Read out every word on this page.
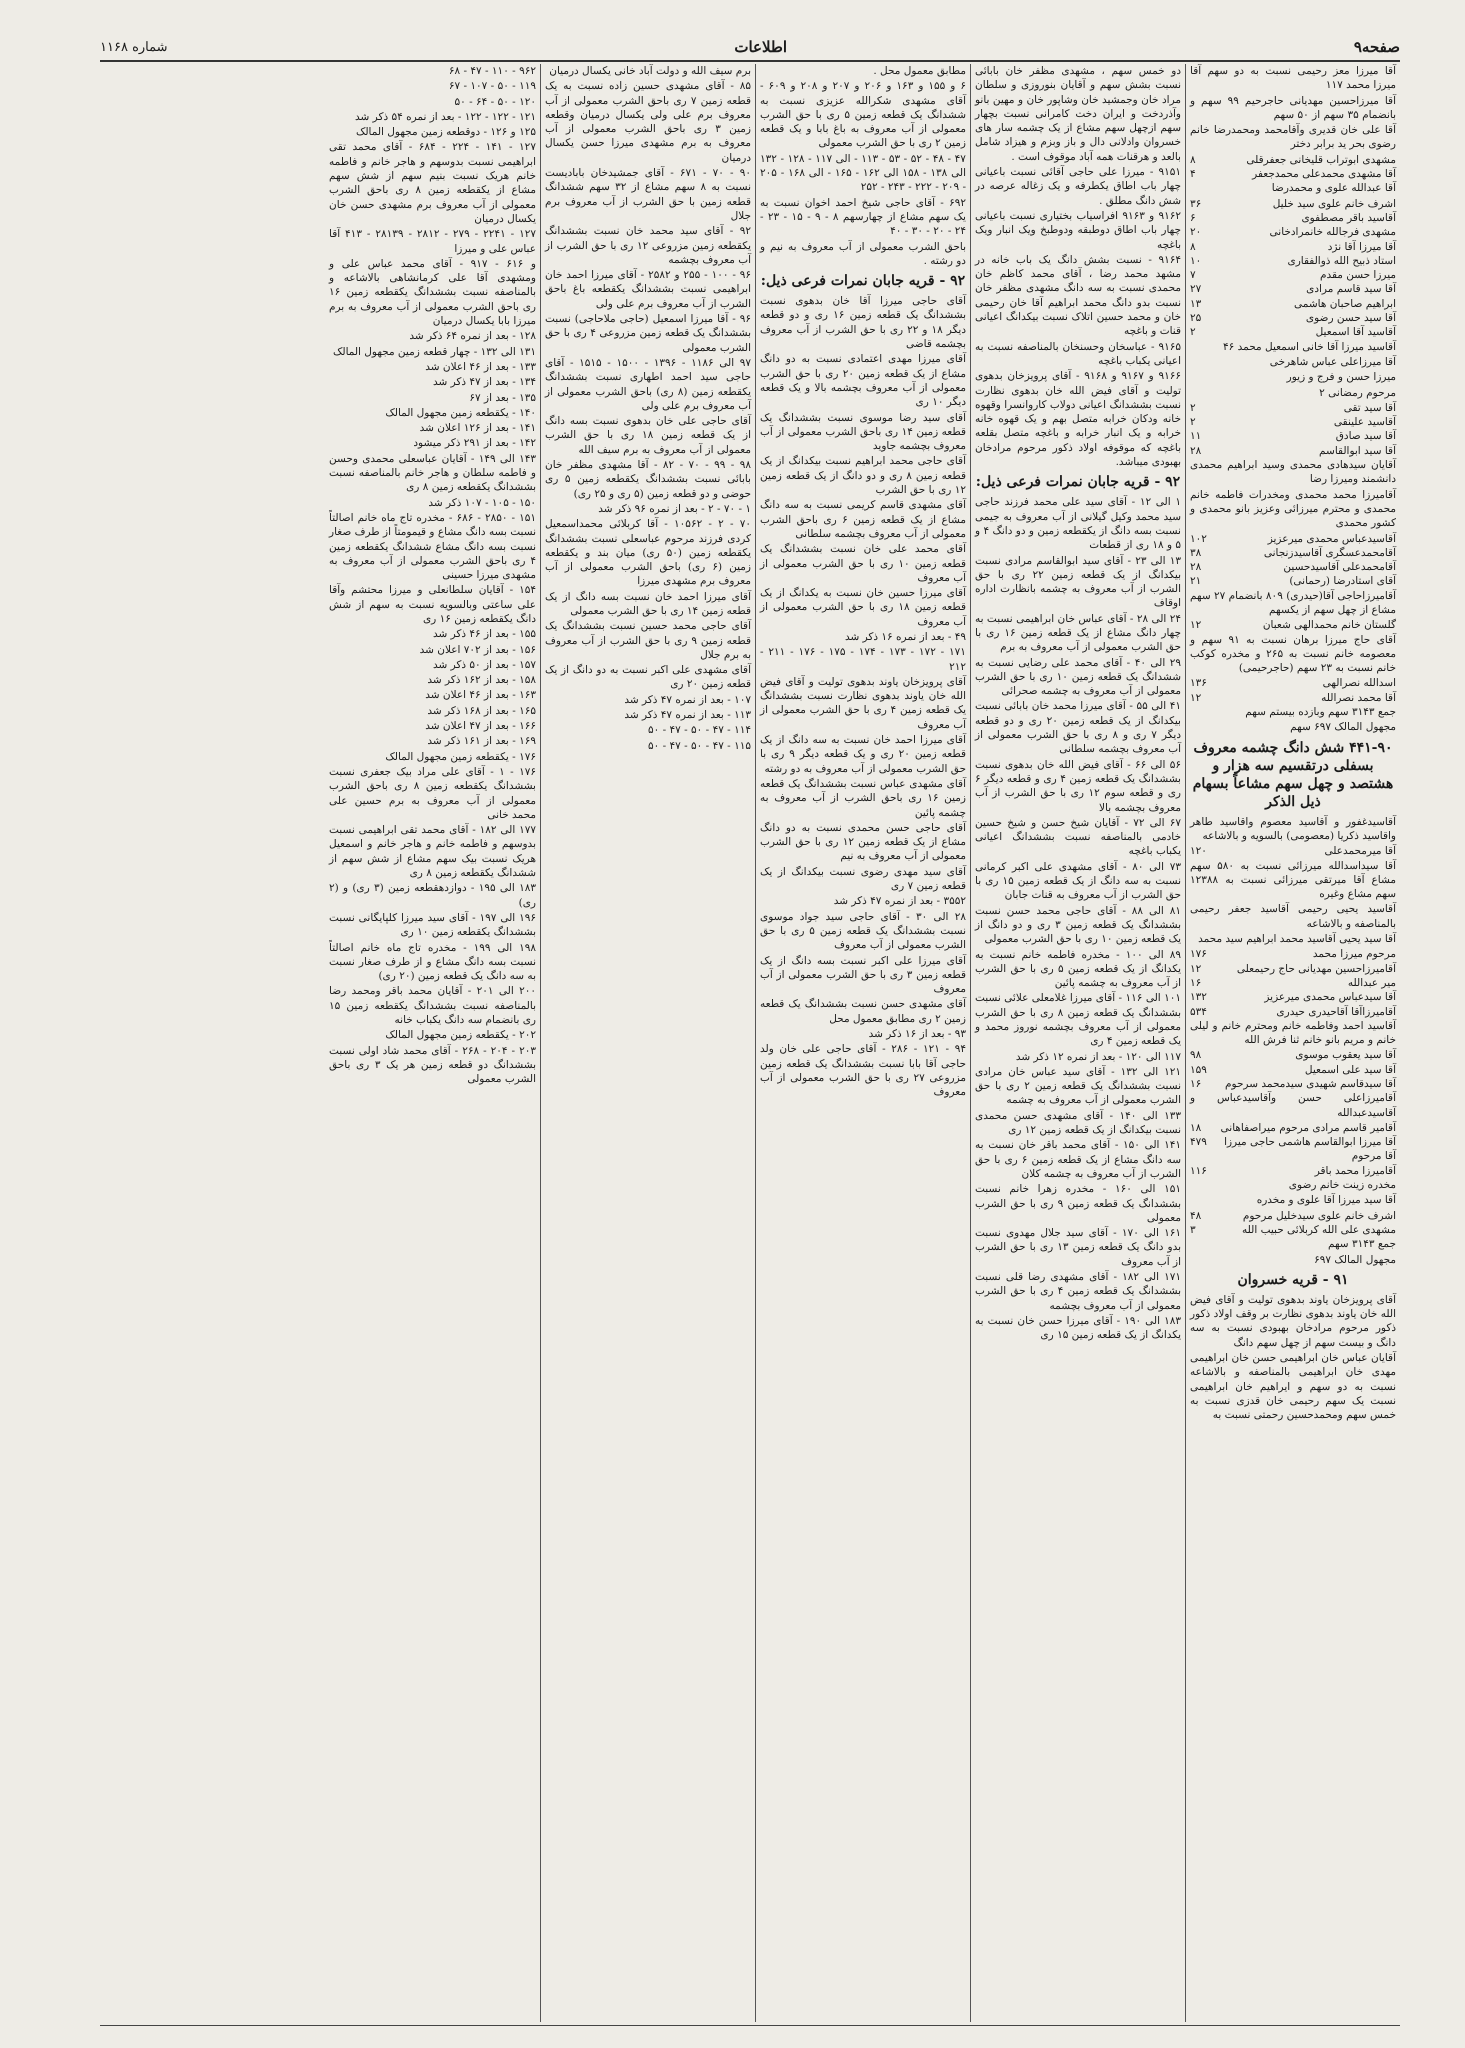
شماره ۱۱۶۸	اطلاعات	صفحه۹

آقا میرزا معز رحیمی نسبت به دو سهم آقا میرزا محمد ۱۱۷

آقا میرزاحسین مهدیانی حاجرحیم ۹۹ سهم و بانضمام ۳۵ سهم از ۵۰ سهم

آقا علی خان قدیری وآقامحمد ومحمدرضا خانم رضوی بحر ید برابر دختر

مشهدی ابوتراب قلیخانی جعفرقلی
۸
آقا مشهدی محمدعلی محمدجعفر
۴

آقا عبدالله علوی و محمدرضا

اشرف خانم علوی سید خلیل
۳۶
آقاسید باقر مصطفوی
۶
مشهدی فرجالله خانمرادخانی
۲۰
آقا میرزا آقا نژد
۸
استاد ذبیح الله ذوالفقاری
۱۰
میرزا حسن مقدم
۷
آقا سید قاسم مرادی
۲۷
ابراهیم صاحبان هاشمی
۱۳
آقا سید حسن رضوی
۲۵
آقاسید آقا اسمعیل
۲

آقاسید میرزا آقا خانی اسمعیل محمد ۴۶

آقا میرزاعلی عباس شاهرخی

میرزا حسن و فرج و زیور

مرحوم رمضانی ۲

آقا سید تقی
۲
آقاسید علینقی
۲
آقا سید صادق
۱۱
آقا سید ابوالقاسم
۲۸

آقایان سیدهادی محمدی وسید ابراهیم محمدی دانشمند ومیرزا رضا

آقامیرزا محمد محمدی ومخدرات فاطمه خانم محمدی و محترم میرزائی وعزیز بانو محمدی و کشور محمدی

آقاسیدعباس محمدی میرعزیز
۱۰۲
آقامحمدعسگری آقاسیدزنجانی
۳۸
آقامحمدعلی آقاسیدحسین
۲۸
آقای استادرضا (رحمانی)
۲۱

آقامیرزاحاجی آقا(حیدری) ۸۰۹ بانضمام ۲۷ سهم مشاع از چهل سهم از یکسهم

گلستان خانم محمدالهی شعبان
۱۲

آقای حاج میرزا برهان نسبت به ۹۱ سهم و معصومه خانم نسبت به ۲۶۵ و مخدره کوکب خانم نسبت به ۲۳ سهم (حاجرحیمی)

اسدالله نصرالهی
۱۳۶
آقا محمد نصرالله
۱۲

جمع ۳۱۴۳ سهم وبازده بیستم سهم

مجهول المالک ۶۹۷ سهم

۴۴۱-۹۰ شش دانگ چشمه معروف بسفلی درتقسیم سه هزار و هشتصد و چهل سهم مشاعاً بسهام ذیل الذکر

آقاسیدغفور و آقاسید معصوم واقاسید طاهر واقاسید ذکریا (معصومی) بالسویه و بالاشاعه

آقا میرمحمدعلی
۱۲۰

آقا سیداسدالله میرزائی نسبت به ۵۸۰ سهم مشاع آقا میرتقی میرزائی نسبت به ۱۲۳۸۸ سهم مشاع وغیره

آقاسید یحیی رحیمی آقاسید جعفر رحیمی بالمناصفه و بالاشاعه

آقا سید یحیی آقاسید محمد ابراهیم سید محمد

مرحوم میرزا محمد
۱۷۶
آقامیرزاحسین مهدیانی حاج رحیمعلی
۱۲
میر عبدالله
۱۶
آقا سیدعباس محمدی میرعزیز
۱۳۲
آقامیرزاآقا آقاحیدری حیدری
۵۳۴

آقاسید احمد وفاطمه خانم ومحترم خانم و لیلی خانم و مریم بانو خانم ثنا فرش الله

آقا سید یعقوب موسوی
۹۸
آقا سید علی اسمعیل
۱۵۹
آقا سیدقاسم شهیدی سیدمحمد سرحوم
۱۶

آقامیرزاعلی حسن وآقاسیدعباس و آقاسیدعبدالله

آقامیر قاسم مرادی مرحوم میراصفاهانی
۱۸
آقا میرزا ابوالقاسم هاشمی حاجی میرزا آقا مرحوم
۴۷۹
آقامیرزا محمد باقر
۱۱۶

مخدره زینت خانم رضوی

آقا سید میرزا آقا علوی و مخدره

اشرف خانم علوی سیدخلیل مرحوم
۴۸
مشهدی علی الله کربلائی حبیب الله
۳

جمع ۳۱۴۳ سهم

مجهول المالک ۶۹۷

۹۱ - قریه خسروان

آقای پرویزخان یاوند بدهوی تولیت و آقای فیض الله خان یاوند بدهوی نظارت بر وقف اولاد ذکور ذکور مرحوم مرادخان بهبودی نسبت به سه دانگ و بیست سهم از چهل سهم دانگ

آقایان عباس خان ابراهیمی حسن خان ابراهیمی مهدی خان ابراهیمی بالمناصفه و بالاشاعه نسبت به دو سهم و ایراهیم خان ابراهیمی نسبت یک سهم رحیمی خان قدزی نسبت به خمس سهم ومحمدحسین رحمتی نسبت به

دو خمس سهم ، مشهدی مظفر خان بابائی نسبت بشش سهم و آقایان بنوروزی و سلطان مراد خان وجمشید خان وشاپور خان و مهین بانو وآذردخت و ایران دخت کامرانی نسبت بچهار سهم ازچهل سهم مشاع از یک چشمه سار های خسروان وادلانی دال و باز وبزم و هیزاد شامل بالعد و هرقنات همه آباد موقوف است .

۹۱۵۱ - میرزا علی حاجی آقائی نسبت باعیانی چهار باب اطاق یکطرفه و یک زغاله عرصه در شش دانگ مطلق .

۹۱۶۲ و ۹۱۶۳ افراسیاب بختیاری نسبت باعیانی چهار باب اطاق دوطبقه ودوطبخ ویک انبار ویک باغچه

۹۱۶۴ - نسبت بشش دانگ یک باب خانه در مشهد محمد رضا ، آقای محمد کاظم خان محمدی نسبت به سه دانگ مشهدی مظفر خان نسبت بدو دانگ محمد ابراهیم آقا خان رحیمی خان و محمد حسین اتلاک نسبت بیکدانگ اعیانی قنات و باغچه

۹۱۶۵ - عباسخان وحسنخان بالمناصفه نسبت به اعیانی یکباب باغچه

۹۱۶۶ و ۹۱۶۷ و ۹۱۶۸ - آقای پرویزخان بدهوی تولیت و آقای فیض الله خان بدهوی نظارت نسبت بششدانگ اعیانی دولاب کاروانسرا وقهوه خانه ودکان خرابه متصل بهم و یک قهوه خانه خرابه و یک انبار خرابه و باغچه متصل بقلعه باغچه که موقوفه اولاد ذکور مرحوم مرادخان بهبودی میباشد.

۹۲ - قریه جابان نمرات فرعی ذیل:

۱ الی ۱۲ - آقای سید علی محمد فرزند حاجی سید محمد وکیل گیلانی از آب معروف به جیمی نسبت بسه دانگ از یکقطعه زمین و دو دانگ ۴ و ۵ و ۱۸ ری از قطعات

۱۳ الی ۲۳ - آقای سید ابوالقاسم مرادی نسبت بیکدانگ از یک قطعه زمین ۲۲ ری با حق الشرب از آب معروف به چشمه بانظارت اداره اوقاف

۲۴ الی ۲۸ - آقای عباس خان ابراهیمی نسبت به چهار دانگ مشاع از یک قطعه زمین ۱۶ ری با حق الشرب معمولی از آب معروف به برم

۲۹ الی ۴۰ - آقای محمد علی رضایی نسبت به ششدانگ یک قطعه زمین ۱۰ ری با حق الشرب معمولی از آب معروف به چشمه صحرائی

۴۱ الی ۵۵ - آقای میرزا محمد خان بابائی نسبت بیکدانگ از یک قطعه زمین ۲۰ ری و دو قطعه دیگر ۷ ری و ۸ ری با حق الشرب معمولی از آب معروف بچشمه سلطانی

۵۶ الی ۶۶ - آقای فیض الله خان بدهوی نسبت بششدانگ یک قطعه زمین ۴ ری و قطعه دیگر ۶ ری و قطعه سوم ۱۲ ری با حق الشرب از آب معروف بچشمه بالا

۶۷ الی ۷۲ - آقایان شیخ حسن و شیخ حسین خادمی بالمناصفه نسبت بششدانگ اعیانی یکباب باغچه

۷۳ الی ۸۰ - آقای مشهدی علی اکبر کرمانی نسبت به سه دانگ از یک قطعه زمین ۱۵ ری با حق الشرب از آب معروف به قنات جابان

۸۱ الی ۸۸ - آقای حاجی محمد حسن نسبت بششدانگ یک قطعه زمین ۳ ری و دو دانگ از یک قطعه زمین ۱۰ ری با حق الشرب معمولی

۸۹ الی ۱۰۰ - مخدره فاطمه خانم نسبت به یکدانگ از یک قطعه زمین ۵ ری با حق الشرب از آب معروف به چشمه پائین

۱۰۱ الی ۱۱۶ - آقای میرزا غلامعلی علائی نسبت بششدانگ یک قطعه زمین ۸ ری با حق الشرب معمولی از آب معروف بچشمه نوروز محمد و یک قطعه زمین ۴ ری

۱۱۷ الی ۱۲۰ - بعد از نمره ۱۲ ذکر شد

۱۲۱ الی ۱۳۲ - آقای سید عباس خان مرادی نسبت بششدانگ یک قطعه زمین ۲ ری با حق الشرب معمولی از آب معروف به چشمه

۱۳۳ الی ۱۴۰ - آقای مشهدی حسن محمدی نسبت بیکدانگ از یک قطعه زمین ۱۲ ری

۱۴۱ الی ۱۵۰ - آقای محمد باقر خان نسبت به سه دانگ مشاع از یک قطعه زمین ۶ ری با حق الشرب از آب معروف به چشمه کلان

۱۵۱ الی ۱۶۰ - مخدره زهرا خانم نسبت بششدانگ یک قطعه زمین ۹ ری با حق الشرب معمولی

۱۶۱ الی ۱۷۰ - آقای سید جلال مهدوی نسبت بدو دانگ یک قطعه زمین ۱۳ ری با حق الشرب از آب معروف

۱۷۱ الی ۱۸۲ - آقای مشهدی رضا قلی نسبت بششدانگ یک قطعه زمین ۴ ری با حق الشرب معمولی از آب معروف بچشمه

۱۸۳ الی ۱۹۰ - آقای میرزا حسن خان نسبت به یکدانگ از یک قطعه زمین ۱۵ ری

مطابق معمول محل .

۶ و ۱۵۵ و ۱۶۳ و ۲۰۶ و ۲۰۷ و ۲۰۸ و ۶۰۹ - آقای مشهدی شکرالله عزیزی نسبت به ششدانگ یک قطعه زمین ۵ ری با حق الشرب معمولی از آب معروف به باغ بابا و یک قطعه زمین ۲ ری با حق الشرب معمولی

۴۷ - ۴۸ - ۵۲ - ۵۳ - ۱۱۳ - الی ۱۱۷ - ۱۲۸ - ۱۳۲ الی ۱۳۸ - ۱۵۸ الی ۱۶۲ - ۱۶۵ - الی ۱۶۸ - ۲۰۵ - ۲۰۹ - ۲۲۲ - ۲۴۳ - ۲۵۲

۶۹۲ - آقای حاجی شیخ احمد اخوان نسبت به یک سهم مشاع از چهارسهم ۸ - ۹ - ۱۵ - ۲۳ - ۲۴ - ۲۰ - ۳۰ - ۴۰

باحق الشرب معمولی از آب معروف به نیم و دو رشته .

۹۲ - قریه جابان نمرات فرعی ذیل:

آقای حاجی میرزا آقا خان بدهوی نسبت بششدانگ یک قطعه زمین ۱۶ ری و دو قطعه دیگر ۱۸ و ۲۲ ری با حق الشرب از آب معروف بچشمه قاضی

آقای میرزا مهدی اعتمادی نسبت به دو دانگ مشاع از یک قطعه زمین ۲۰ ری با حق الشرب معمولی از آب معروف بچشمه بالا و یک قطعه دیگر ۱۰ ری

آقای سید رضا موسوی نسبت بششدانگ یک قطعه زمین ۱۴ ری باحق الشرب معمولی از آب معروف بچشمه جاوید

آقای حاجی محمد ابراهیم نسبت بیکدانگ از یک قطعه زمین ۸ ری و دو دانگ از یک قطعه زمین ۱۲ ری با حق الشرب

آقای مشهدی قاسم کریمی نسبت به سه دانگ مشاع از یک قطعه زمین ۶ ری باحق الشرب معمولی از آب معروف بچشمه سلطانی

آقای محمد علی خان نسبت بششدانگ یک قطعه زمین ۱۰ ری با حق الشرب معمولی از آب معروف

آقای میرزا حسین خان نسبت به یکدانگ از یک قطعه زمین ۱۸ ری با حق الشرب معمولی از آب معروف

۴۹ - بعد از نمره ۱۶ ذکر شد

۱۷۱ - ۱۷۲ - ۱۷۳ - ۱۷۴ - ۱۷۵ - ۱۷۶ - ۲۱۱ - ۲۱۲

آقای پرویزخان یاوند بدهوی تولیت و آقای فیض الله خان یاوند بدهوی نظارت نسبت بششدانگ یک قطعه زمین ۴ ری با حق الشرب معمولی از آب معروف

آقای میرزا احمد خان نسبت به سه دانگ از یک قطعه زمین ۲۰ ری و یک قطعه دیگر ۹ ری با حق الشرب معمولی از آب معروف به دو رشته

آقای مشهدی عباس نسبت بششدانگ یک قطعه زمین ۱۶ ری باحق الشرب از آب معروف به چشمه پائین

آقای حاجی حسن محمدی نسبت به دو دانگ مشاع از یک قطعه زمین ۱۲ ری با حق الشرب معمولی از آب معروف به نیم

آقای سید مهدی رضوی نسبت بیکدانگ از یک قطعه زمین ۷ ری

۳۵۵۲ - بعد از نمره ۴۷ ذکر شد

۲۸ الی ۳۰ - آقای حاجی سید جواد موسوی نسبت بششدانگ یک قطعه زمین ۵ ری با حق الشرب معمولی از آب معروف

آقای میرزا علی اکبر نسبت بسه دانگ از یک قطعه زمین ۳ ری با حق الشرب معمولی از آب معروف

آقای مشهدی حسن نسبت بششدانگ یک قطعه زمین ۲ ری مطابق معمول محل

۹۳ - بعد از ۱۶ ذکر شد

۹۴ - ۱۲۱ - ۲۸۶ - آقای حاجی علی خان ولد حاجی آقا بابا نسبت بششدانگ یک قطعه زمین مزروعی ۲۷ ری با حق الشرب معمولی از آب معروف

برم سیف الله و دولت آباد خانی یکسال درمیان

۸۵ - آقای مشهدی حسین زاده نسبت به یک قطعه زمین ۷ ری باحق الشرب معمولی از آب معروف برم علی ولی یکسال درمیان وقطعه زمین ۳ ری باحق الشرب معمولی از آب معروف به برم مشهدی میرزا حسن یکسال درمیان

۹۰ - ۷۰ - ۶۷۱ - آقای جمشیدخان بابادیست نسبت به ۸ سهم مشاع از ۳۲ سهم ششدانگ قطعه زمین با حق الشرب از آب معروف برم جلال

۹۲ - آقای سید محمد خان نسبت بششدانگ یکقطعه زمین مزروعی ۱۲ ری با حق الشرب از آب معروف بچشمه

۹۶ - ۱۰۰ - ۲۵۵ و ۲۵۸۲ - آقای میرزا احمد خان ابراهیمی نسبت بششدانگ یکقطعه باغ باحق الشرب از آب معروف برم علی ولی

۹۶ - آقا میرزا اسمعیل (حاجی ملاحاجی) نسبت بششدانگ یک قطعه زمین مزروعی ۴ ری با حق الشرب معمولی

۹۷ الی ۱۱۸۶ - ۱۳۹۶ - ۱۵۰۰ - ۱۵۱۵ - آقای حاجی سید احمد اطهاری نسبت بششدانگ یکقطعه زمین (۸ ری) باحق الشرب معمولی از آب معروف برم علی ولی

آقای حاجی علی خان بدهوی نسبت بسه دانگ از یک قطعه زمین ۱۸ ری با حق الشرب معمولی از آب معروف به برم سیف الله

۹۸ - ۹۹ - ۷۰ - ۸۲ - آقا مشهدی مظفر خان بابائی نسبت بششدانگ یکقطعه زمین ۵ ری حوضی و دو قطعه زمین (۵ ری و ۲۵ ری)

۱ - ۷۰ - ۲ - بعد از نمره ۹۶ ذکر شد

۷۰ - ۲ - ۱۰۵۶۲ - آقا کربلائی محمداسمعیل کردی فرزند مرحوم عباسعلی نسبت بششدانگ یکقطعه زمین (۵۰ ری) میان بند و یکقطعه زمین (۶ ری) باحق الشرب معمولی از آب معروف برم مشهدی میرزا

آقای میرزا احمد خان نسبت بسه دانگ از یک قطعه زمین ۱۴ ری با حق الشرب معمولی

آقای حاجی محمد حسین نسبت بششدانگ یک قطعه زمین ۹ ری با حق الشرب از آب معروف به برم جلال

آقای مشهدی علی اکبر نسبت به دو دانگ از یک قطعه زمین ۲۰ ری

۱۰۷ - بعد از نمره ۴۷ ذکر شد

۱۱۳ - بعد از نمره ۴۷ ذکر شد

۱۱۴ - ۴۷ - ۵۰ - ۴۷ - ۵۰

۱۱۵ - ۴۷ - ۵۰ - ۴۷ - ۵۰

۹۶۲ - ۱۱۰ - ۴۷ - ۶۸

۱۱۹ - ۵۰ - ۱۰۷ - ۶۷

۱۲۰ - ۵۰ - ۶۴ - ۵۰

۱۲۱ - ۱۲۲ - ۱۲۲ - بعد از نمره ۵۴ ذکر شد

۱۲۵ و ۱۲۶ - دوقطعه زمین مجهول المالک

۱۲۷ - ۱۴۱ - ۲۲۴ - ۶۸۴ - آقای محمد تقی ابراهیمی نسبت بدوسهم و هاجر خانم و فاطمه خانم هریک نسبت بنیم سهم از شش سهم مشاع از یکقطعه زمین ۸ ری باحق الشرب معمولی از آب معروف برم مشهدی حسن خان یکسال درمیان

۱۲۷ - ۲۲۴۱ - ۲۷۹ - ۲۸۱۲ - ۲۸۱۳۹ - ۴۱۳ آقا عباس علی و میرزا

و ۶۱۶ - ۹۱۷ - آقای محمد عباس علی و ومشهدی آقا علی کرمانشاهی بالاشاعه و بالمناصفه نسبت بششدانگ یکقطعه زمین ۱۶ ری باحق الشرب معمولی از آب معروف به برم میرزا بابا یکسال درمیان

۱۲۸ - بعد از نمره ۶۴ ذکر شد

۱۳۱ الی ۱۳۲ - چهار قطعه زمین مجهول المالک

۱۳۳ - بعد از ۴۶ اعلان شد

۱۳۴ - بعد از ۴۷ ذکر شد

۱۳۵ - بعد از ۶۷

۱۴۰ - یکقطعه زمین مجهول المالک

۱۴۱ - بعد از ۱۲۶ اعلان شد

۱۴۲ - بعد از ۲۹۱ ذکر میشود

۱۴۳ الی ۱۴۹ - آقایان عباسعلی محمدی وحسن و فاطمه سلطان و هاجر خانم بالمناصفه نسبت بششدانگ یکقطعه زمین ۸ ری

۱۵۰ - ۱۰۵ - ۱۰۷ ذکر شد

۱۵۱ - ۲۸۵۰ - ۶۸۶ - مخدره تاج ماه خانم اصالتاً نسبت بسه دانگ مشاع و قیمومتاً از طرف صغار نسبت بسه دانگ مشاع ششدانگ یکقطعه زمین ۴ ری باحق الشرب معمولی از آب معروف به مشهدی میرزا حسینی

۱۵۴ - آقایان سلطانعلی و میرزا محتشم وآقا علی ساعتی وبالسویه نسبت به سهم از شش دانگ یکقطعه زمین ۱۶ ری

۱۵۵ - بعد از ۴۶ ذکر شد

۱۵۶ - بعد از ۷۰۲ اعلان شد

۱۵۷ - بعد از ۵۰ ذکر شد

۱۵۸ - بعد از ۱۶۲ ذکر شد

۱۶۳ - بعد از ۴۶ اعلان شد

۱۶۵ - بعد از ۱۶۸ ذکر شد

۱۶۶ - بعد از ۴۷ اعلان شد

۱۶۹ - بعد از ۱۶۱ ذکر شد

۱۷۶ - یکقطعه زمین مجهول المالک

۱۷۶ - ۱ - آقای علی مراد بیک جعفری نسبت بششدانگ یکقطعه زمین ۸ ری باحق الشرب معمولی از آب معروف به برم حسین علی محمد خانی

۱۷۷ الی ۱۸۲ - آقای محمد تقی ابراهیمی نسبت بدوسهم و فاطمه خانم و هاجر خانم و اسمعیل هریک نسبت بیک سهم مشاع از شش سهم از ششدانگ یکقطعه زمین ۸ ری

۱۸۳ الی ۱۹۵ - دوازدهقطعه زمین (۳ ری) و (۲ ری)

۱۹۶ الی ۱۹۷ - آقای سید میرزا کلپایگانی نسبت بششدانگ یکقطعه زمین ۱۰ ری

۱۹۸ الی ۱۹۹ - مخدره تاج ماه خانم اصالتاً نسبت بسه دانگ مشاع و از طرف صغار نسبت به سه دانگ یک قطعه زمین (۲۰ ری)

۲۰۰ الی ۲۰۱ - آقایان محمد باقر ومحمد رضا بالمناصفه نسبت بششدانگ یکقطعه زمین ۱۵ ری بانضمام سه دانگ یکباب خانه

۲۰۲ - یکقطعه زمین مجهول المالک

۲۰۳ - ۲۰۴ - ۲۶۸ - آقای محمد شاد اولی نسبت بششدانگ دو قطعه زمین هر یک ۳ ری باحق الشرب معمولی
